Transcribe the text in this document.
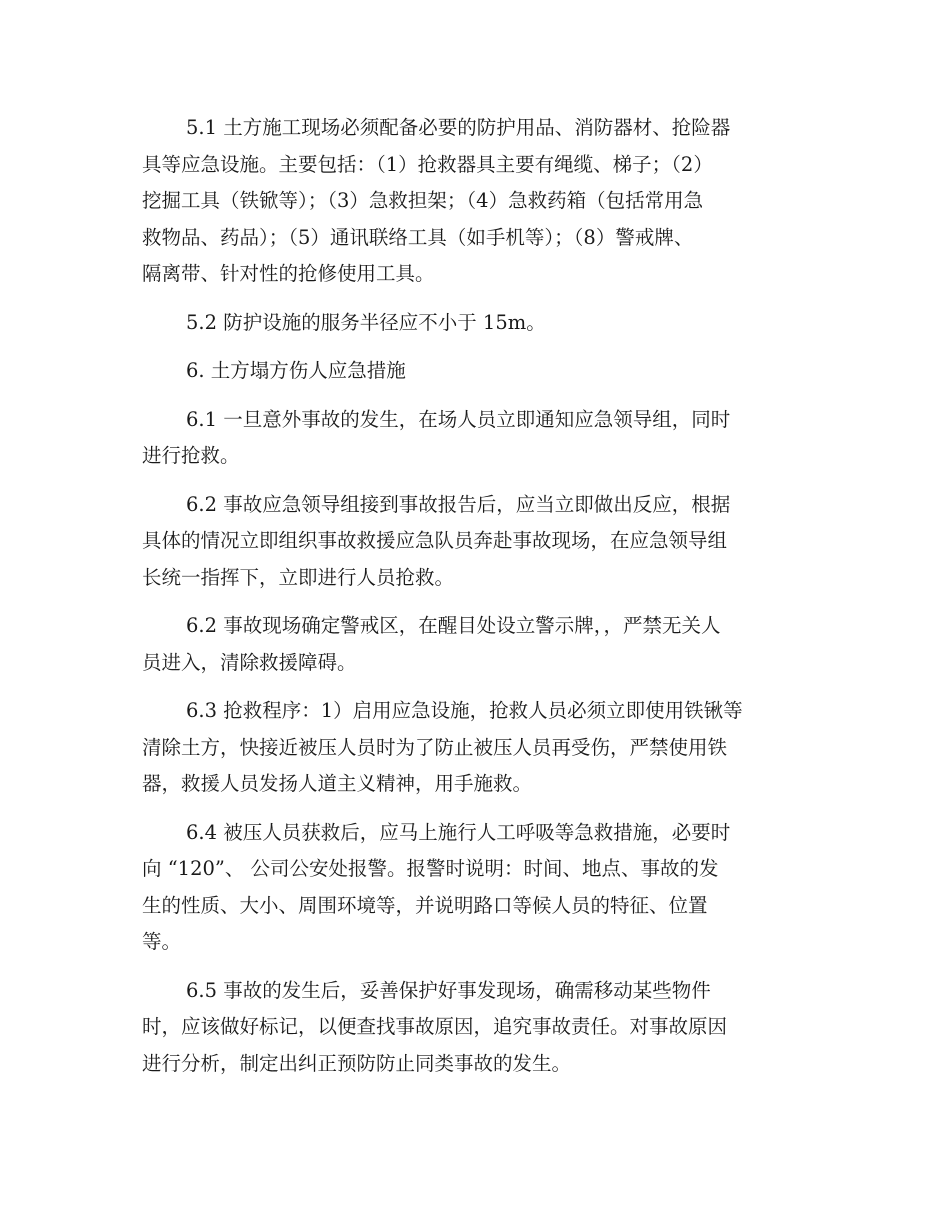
5.1 土方施工现场必须配备必要的防护用品、消防器材、抢险器
具等应急设施。主要包括：（1）抢救器具主要有绳缆、梯子；（2）
挖掘工具（铁锨等）；（3）急救担架；（4）急救药箱（包括常用急
救物品、药品）；（5）通讯联络工具（如手机等）；（8）警戒牌、
隔离带、针对性的抢修使用工具。
5.2 防护设施的服务半径应不小于 15m。
6. 土方塌方伤人应急措施
6.1 一旦意外事故的发生，在场人员立即通知应急领导组，同时
进行抢救。
6.2 事故应急领导组接到事故报告后，应当立即做出反应，根据
具体的情况立即组织事故救援应急队员奔赴事故现场，在应急领导组
长统一指挥下，立即进行人员抢救。
6.2 事故现场确定警戒区，在醒目处设立警示牌，，严禁无关人
员进入，清除救援障碍。
6.3 抢救程序：1）启用应急设施，抢救人员必须立即使用铁锹等
清除土方，快接近被压人员时为了防止被压人员再受伤，严禁使用铁
器，救援人员发扬人道主义精神，用手施救。
6.4 被压人员获救后，应马上施行人工呼吸等急救措施，必要时
向 “120”、 公司公安处报警。报警时说明：时间、地点、事故的发
生的性质、大小、周围环境等，并说明路口等候人员的特征、位置
等。
6.5 事故的发生后，妥善保护好事发现场，确需移动某些物件
时，应该做好标记，以便查找事故原因，追究事故责任。对事故原因
进行分析，制定出纠正预防防止同类事故的发生。
